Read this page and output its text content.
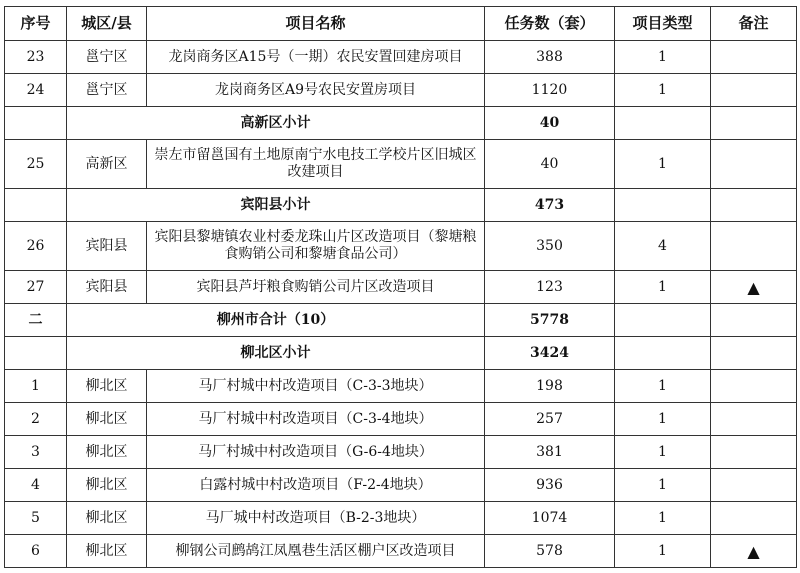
序号	城区/县	项目名称	任务数（套）	项目类型	备注
23	邕宁区	龙岗商务区A15号（一期）农民安置回建房项目	388	1	
24	邕宁区	龙岗商务区A9号农民安置房项目	1120	1	
	高新区小计		40		
25	高新区	崇左市留邕国有土地原南宁水电技工学校片区旧城区改建项目	40	1	
	宾阳县小计		473		
26	宾阳县	宾阳县黎塘镇农业村委龙珠山片区改造项目（黎塘粮食购销公司和黎塘食品公司）	350	4	
27	宾阳县	宾阳县芦圩粮食购销公司片区改造项目	123	1	▲
二	柳州市合计（10）		5778		
	柳北区小计		3424		
1	柳北区	马厂村城中村改造项目（C-3-3地块）	198	1	
2	柳北区	马厂村城中村改造项目（C-3-4地块）	257	1	
3	柳北区	马厂村城中村改造项目（G-6-4地块）	381	1	
4	柳北区	白露村城中村改造项目（F-2-4地块）	936	1	
5	柳北区	马厂城中村改造项目（B-2-3地块）	1074	1	
6	柳北区	柳钢公司鹧鸪江凤凰巷生活区棚户区改造项目	578	1	▲
